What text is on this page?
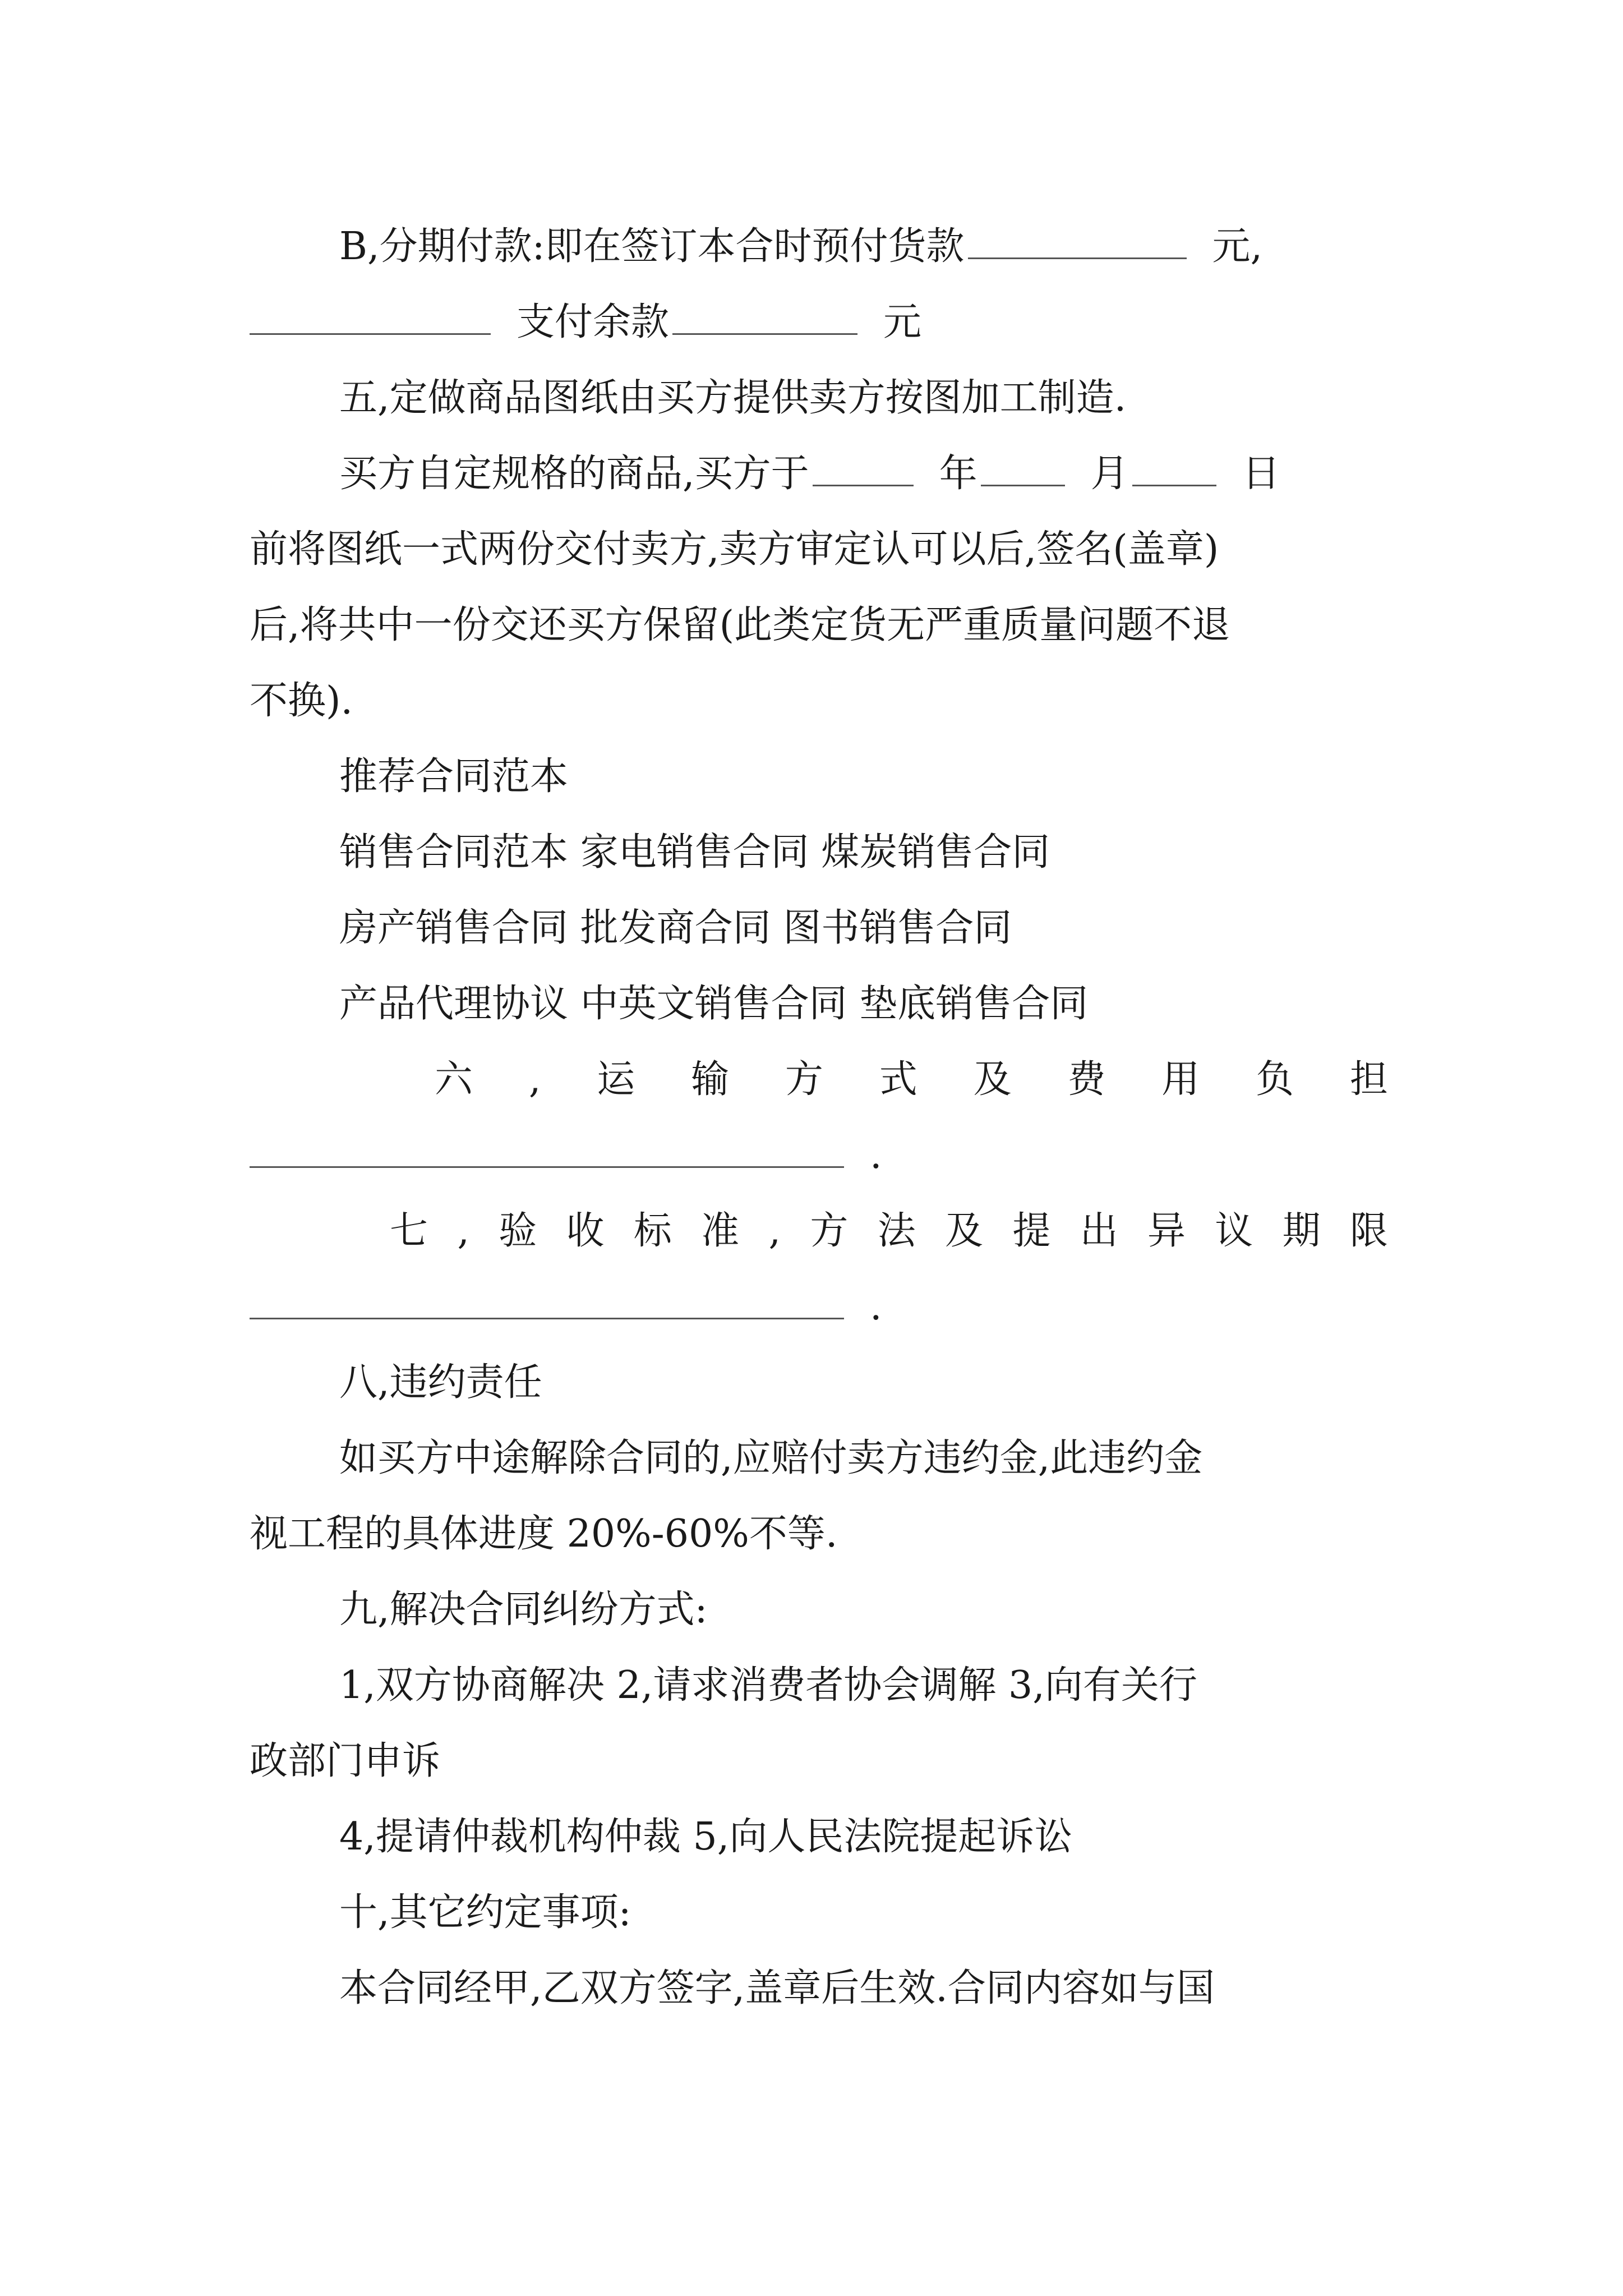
B,分期付款:即在签订本合时预付货款	元,
支付余款	元
五,定做商品图纸由买方提供卖方按图加工制造.
买方自定规格的商品,买方于	年	月	日
前将图纸一式两份交付卖方,卖方审定认可以后,签名(盖章)
后,将共中一份交还买方保留(此类定货无严重质量问题不退
不换).
推荐合同范本
销售合同范本 家电销售合同 煤炭销售合同
房产销售合同 批发商合同 图书销售合同
产品代理协议 中英文销售合同 垫底销售合同
六 , 运 输 方 式 及 费 用 负 担
.
七 , 验 收 标 准 , 方 法 及 提 出 异 议 期 限
.
八,违约责任
如买方中途解除合同的,应赔付卖方违约金,此违约金
视工程的具体进度 20%-60%不等.
九,解决合同纠纷方式:
1,双方协商解决 2,请求消费者协会调解 3,向有关行
政部门申诉
4,提请仲裁机构仲裁 5,向人民法院提起诉讼
十,其它约定事项:
本合同经甲,乙双方签字,盖章后生效.合同内容如与国
